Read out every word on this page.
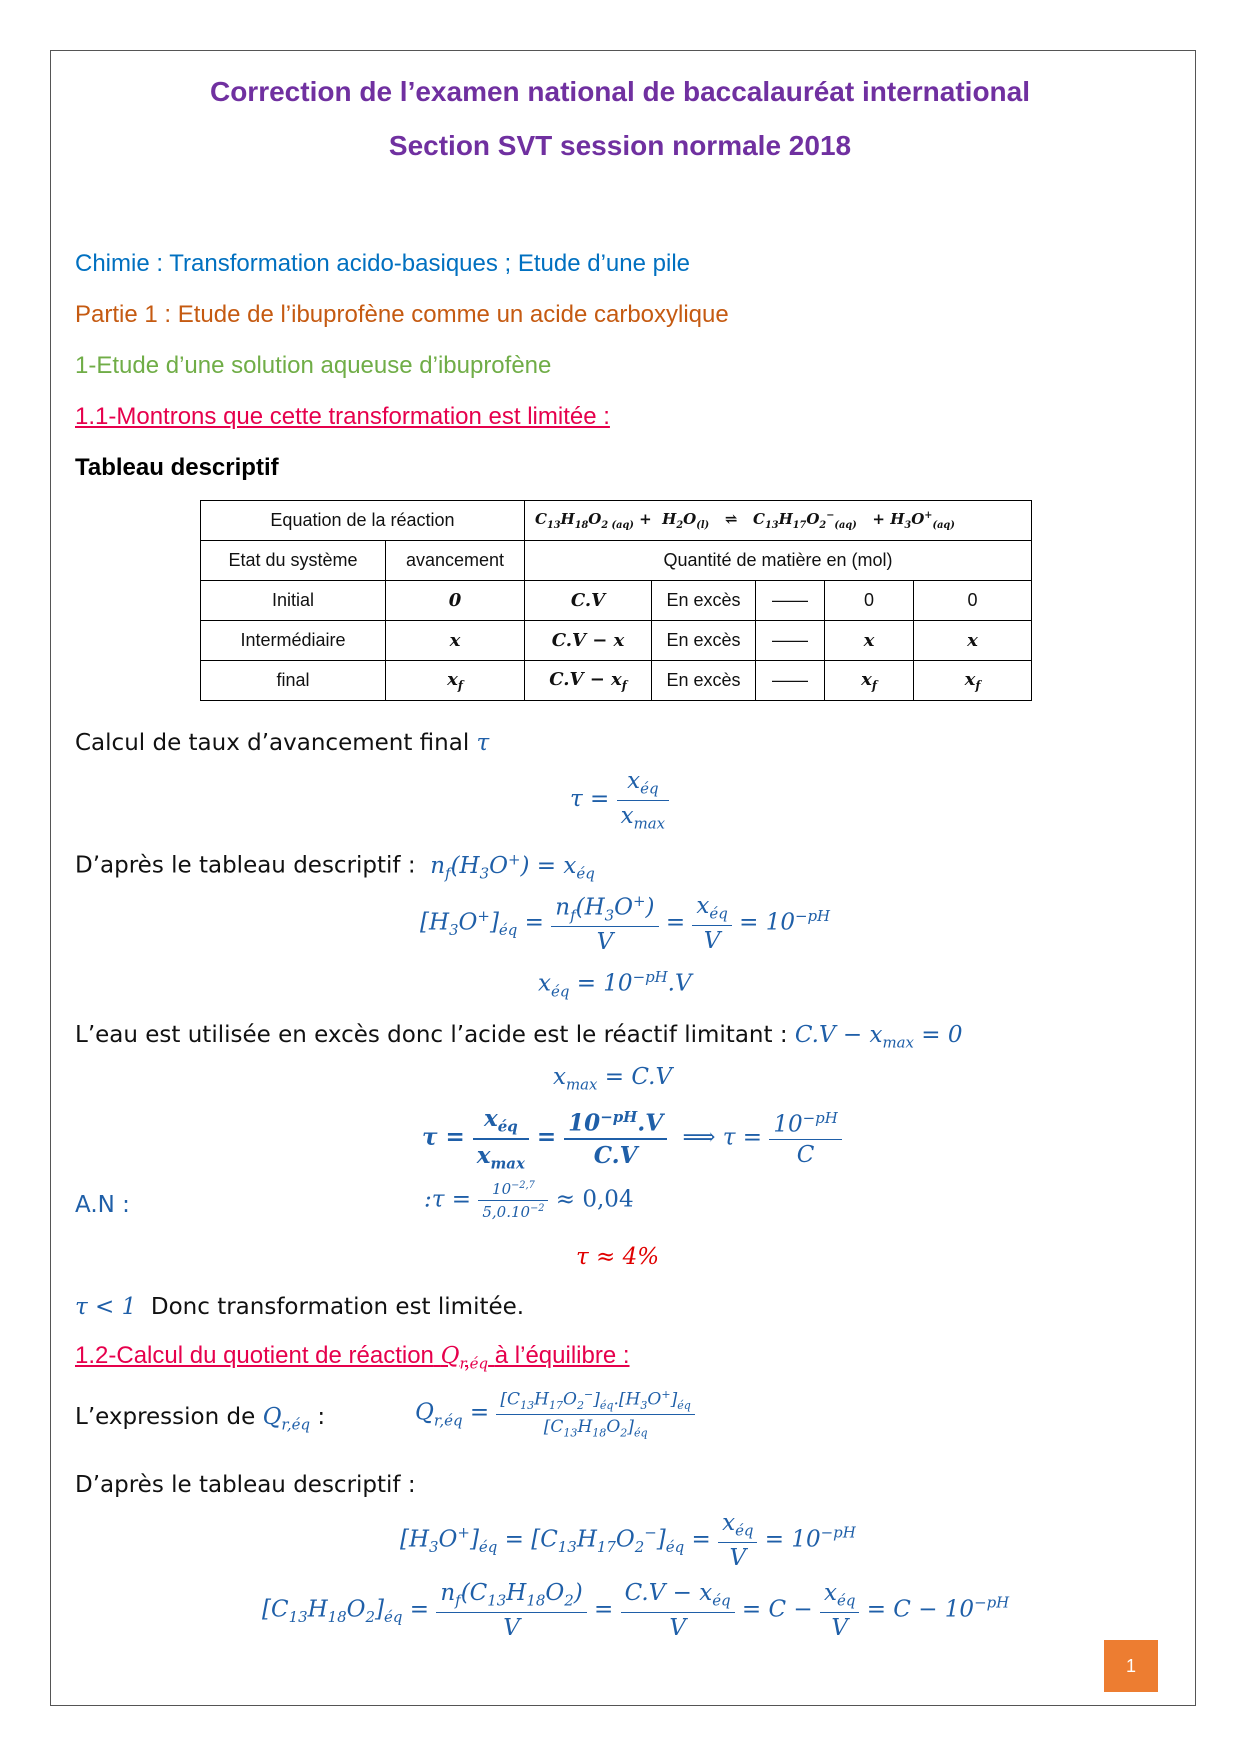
Correction de l’examen national de baccalauréat international
Section SVT session normale 2018
Chimie : Transformation acido-basiques ; Etude d’une pile
Partie 1 : Etude de l’ibuprofène comme un acide carboxylique
1-Etude d’une solution aqueuse d’ibuprofène
1.1-Montrons que cette transformation est limitée :
Tableau descriptif
Equation de la réaction		$C_{13}H_{18}O_{2 (aq)} + H_2O_{(l)}$   ⇌   $C_{13}H_{17}O_2^-_{(aq)} + H_3O^+_{(aq)}$
Etat du système	avancement	Quantité de matière en (mol)				
Initial	0	C.V	En excès	——	0	0
Intermédiaire	x	C.V − x	En excès	——	x	x
final	$x_f$	$C.V - x_f$	En excès	——	$x_f$	$x_f$
Calcul de taux d’avancement final τ
$\tau = \frac{x_{éq}}{x_{max}}$
D’après le tableau descriptif : $n_f(H_3O^+) = x_{éq}$
$[H_3O^+]_{éq} = \frac{n_f(H_3O^+)}{V} = \frac{x_{éq}}{V} = 10^{-pH}$
$x_{éq} = 10^{-pH}.V$
L’eau est utilisée en excès donc l’acide est le réactif limitant : $C.V - x_{max} = 0$
$x_{max} = C.V$
$\tau = \frac{x_{éq}}{x_{max}} = \frac{10^{-pH}.V}{C.V}$ ⟹ $\tau = \frac{10^{-pH}}{C}$
A.N :	:τ = $\frac{10^{-2,7}}{5,0.10^{-2}} \approx 0,04$
τ ≈ 4%
τ < 1 Donc transformation est limitée.
1.2-Calcul du quotient de réaction $Q_{r,éq}$ à l’équilibre :
L’expression de $Q_{r,éq}$ :	$Q_{r,éq} = \frac{[C_{13}H_{17}O_2^-]_{éq}.[H_3O^+]_{éq}}{[C_{13}H_{18}O_2]_{éq}}$
D’après le tableau descriptif :
$[H_3O^+]_{éq} = [C_{13}H_{17}O_2^-]_{éq} = \frac{x_{éq}}{V} = 10^{-pH}$
$[C_{13}H_{18}O_2]_{éq} = \frac{n_f(C_{13}H_{18}O_2)}{V} = \frac{C.V - x_{éq}}{V} = C - \frac{x_{éq}}{V} = C - 10^{-pH}$
1
